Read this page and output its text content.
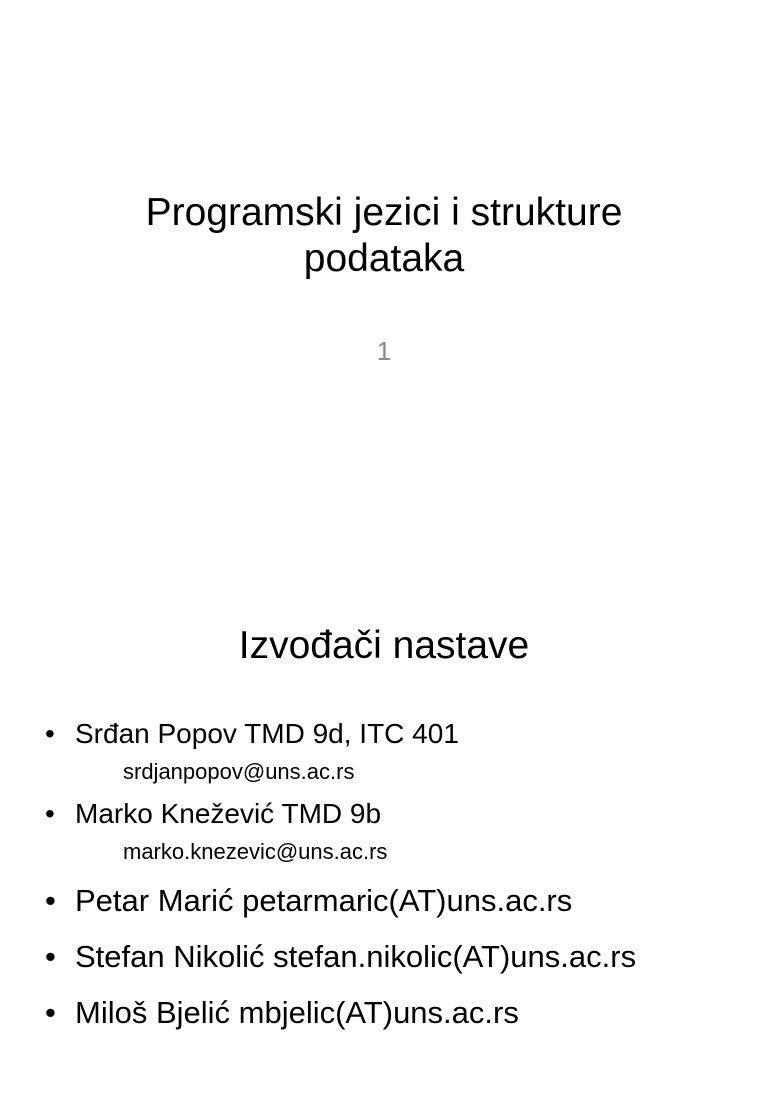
Programski jezici i strukture
podataka
1
Izvođači nastave
• Srđan Popov TMD 9d, ITC 401
srdjanpopov@uns.ac.rs
• Marko Knežević TMD 9b
marko.knezevic@uns.ac.rs
• Petar Marić petarmaric(AT)uns.ac.rs
• Stefan Nikolić stefan.nikolic(AT)uns.ac.rs
• Miloš Bjelić mbjelic(AT)uns.ac.rs
